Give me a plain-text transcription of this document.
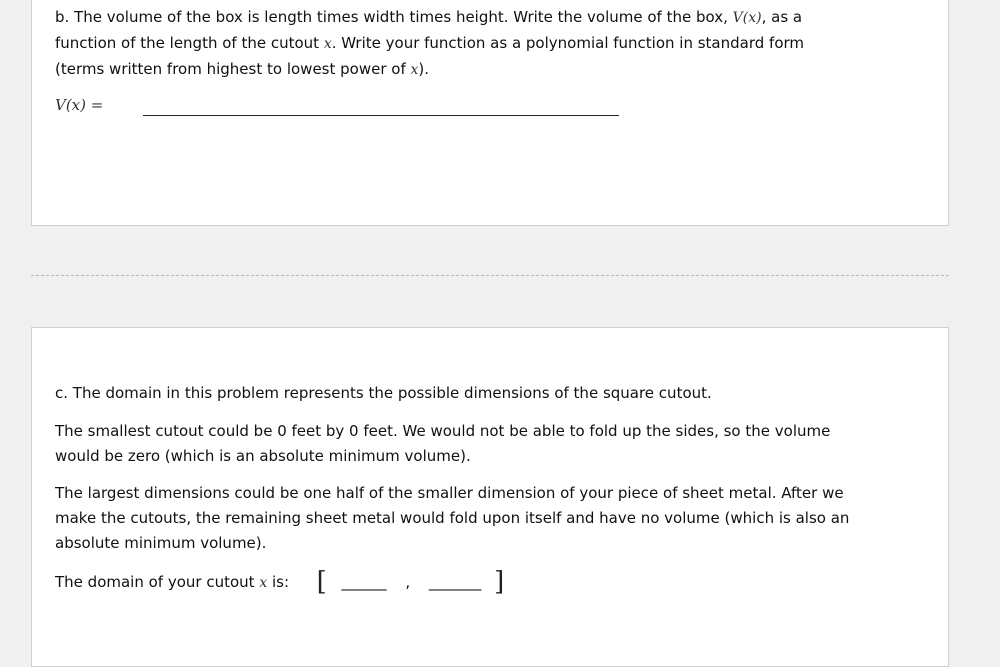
b. The volume of the box is length times width times height. Write the volume of the box, V(x), as a
function of the length of the cutout x. Write your function as a polynomial function in standard form
(terms written from highest to lowest power of x).

V(x) =

c. The domain in this problem represents the possible dimensions of the square cutout.

The smallest cutout could be 0 feet by 0 feet. We would not be able to fold up the sides, so the volume would be zero (which is an absolute minimum volume).

The largest dimensions could be one half of the smaller dimension of your piece of sheet metal. After we make the cutouts, the remaining sheet metal would fold upon itself and have no volume (which is also an absolute minimum volume).

The domain of your cutout x is: [ ______ , _______ ]
